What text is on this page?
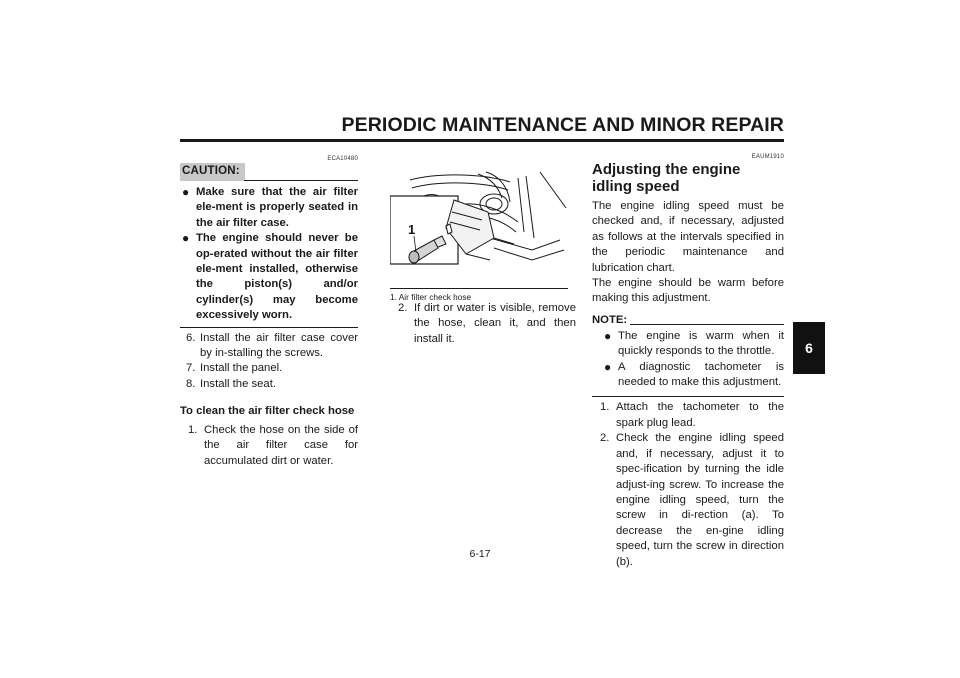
PERIODIC MAINTENANCE AND MINOR REPAIR
6
ECA10480
CAUTION:
● Make sure that the air filter ele-ment is properly seated in the air filter case.
● The engine should never be op-erated without the air filter ele-ment installed, otherwise the piston(s) and/or cylinder(s) may become excessively worn.
6. Install the air filter case cover by in-stalling the screws.
7. Install the panel.
8. Install the seat.
To clean the air filter check hose
1. Check the hose on the side of the air filter case for accumulated dirt or water.
1
1. Air filter check hose
2. If dirt or water is visible, remove the hose, clean it, and then install it.
EAUM1910
Adjusting the engine idling speed
The engine idling speed must be checked and, if necessary, adjusted as follows at the intervals specified in the periodic maintenance and lubrication chart.
The engine should be warm before making this adjustment.
NOTE:
● The engine is warm when it quickly responds to the throttle.
● A diagnostic tachometer is needed to make this adjustment.
1. Attach the tachometer to the spark plug lead.
2. Check the engine idling speed and, if necessary, adjust it to spec-ification by turning the idle adjust-ing screw. To increase the engine idling speed, turn the screw in di-rection (a). To decrease the en-gine idling speed, turn the screw in direction (b).
6-17
